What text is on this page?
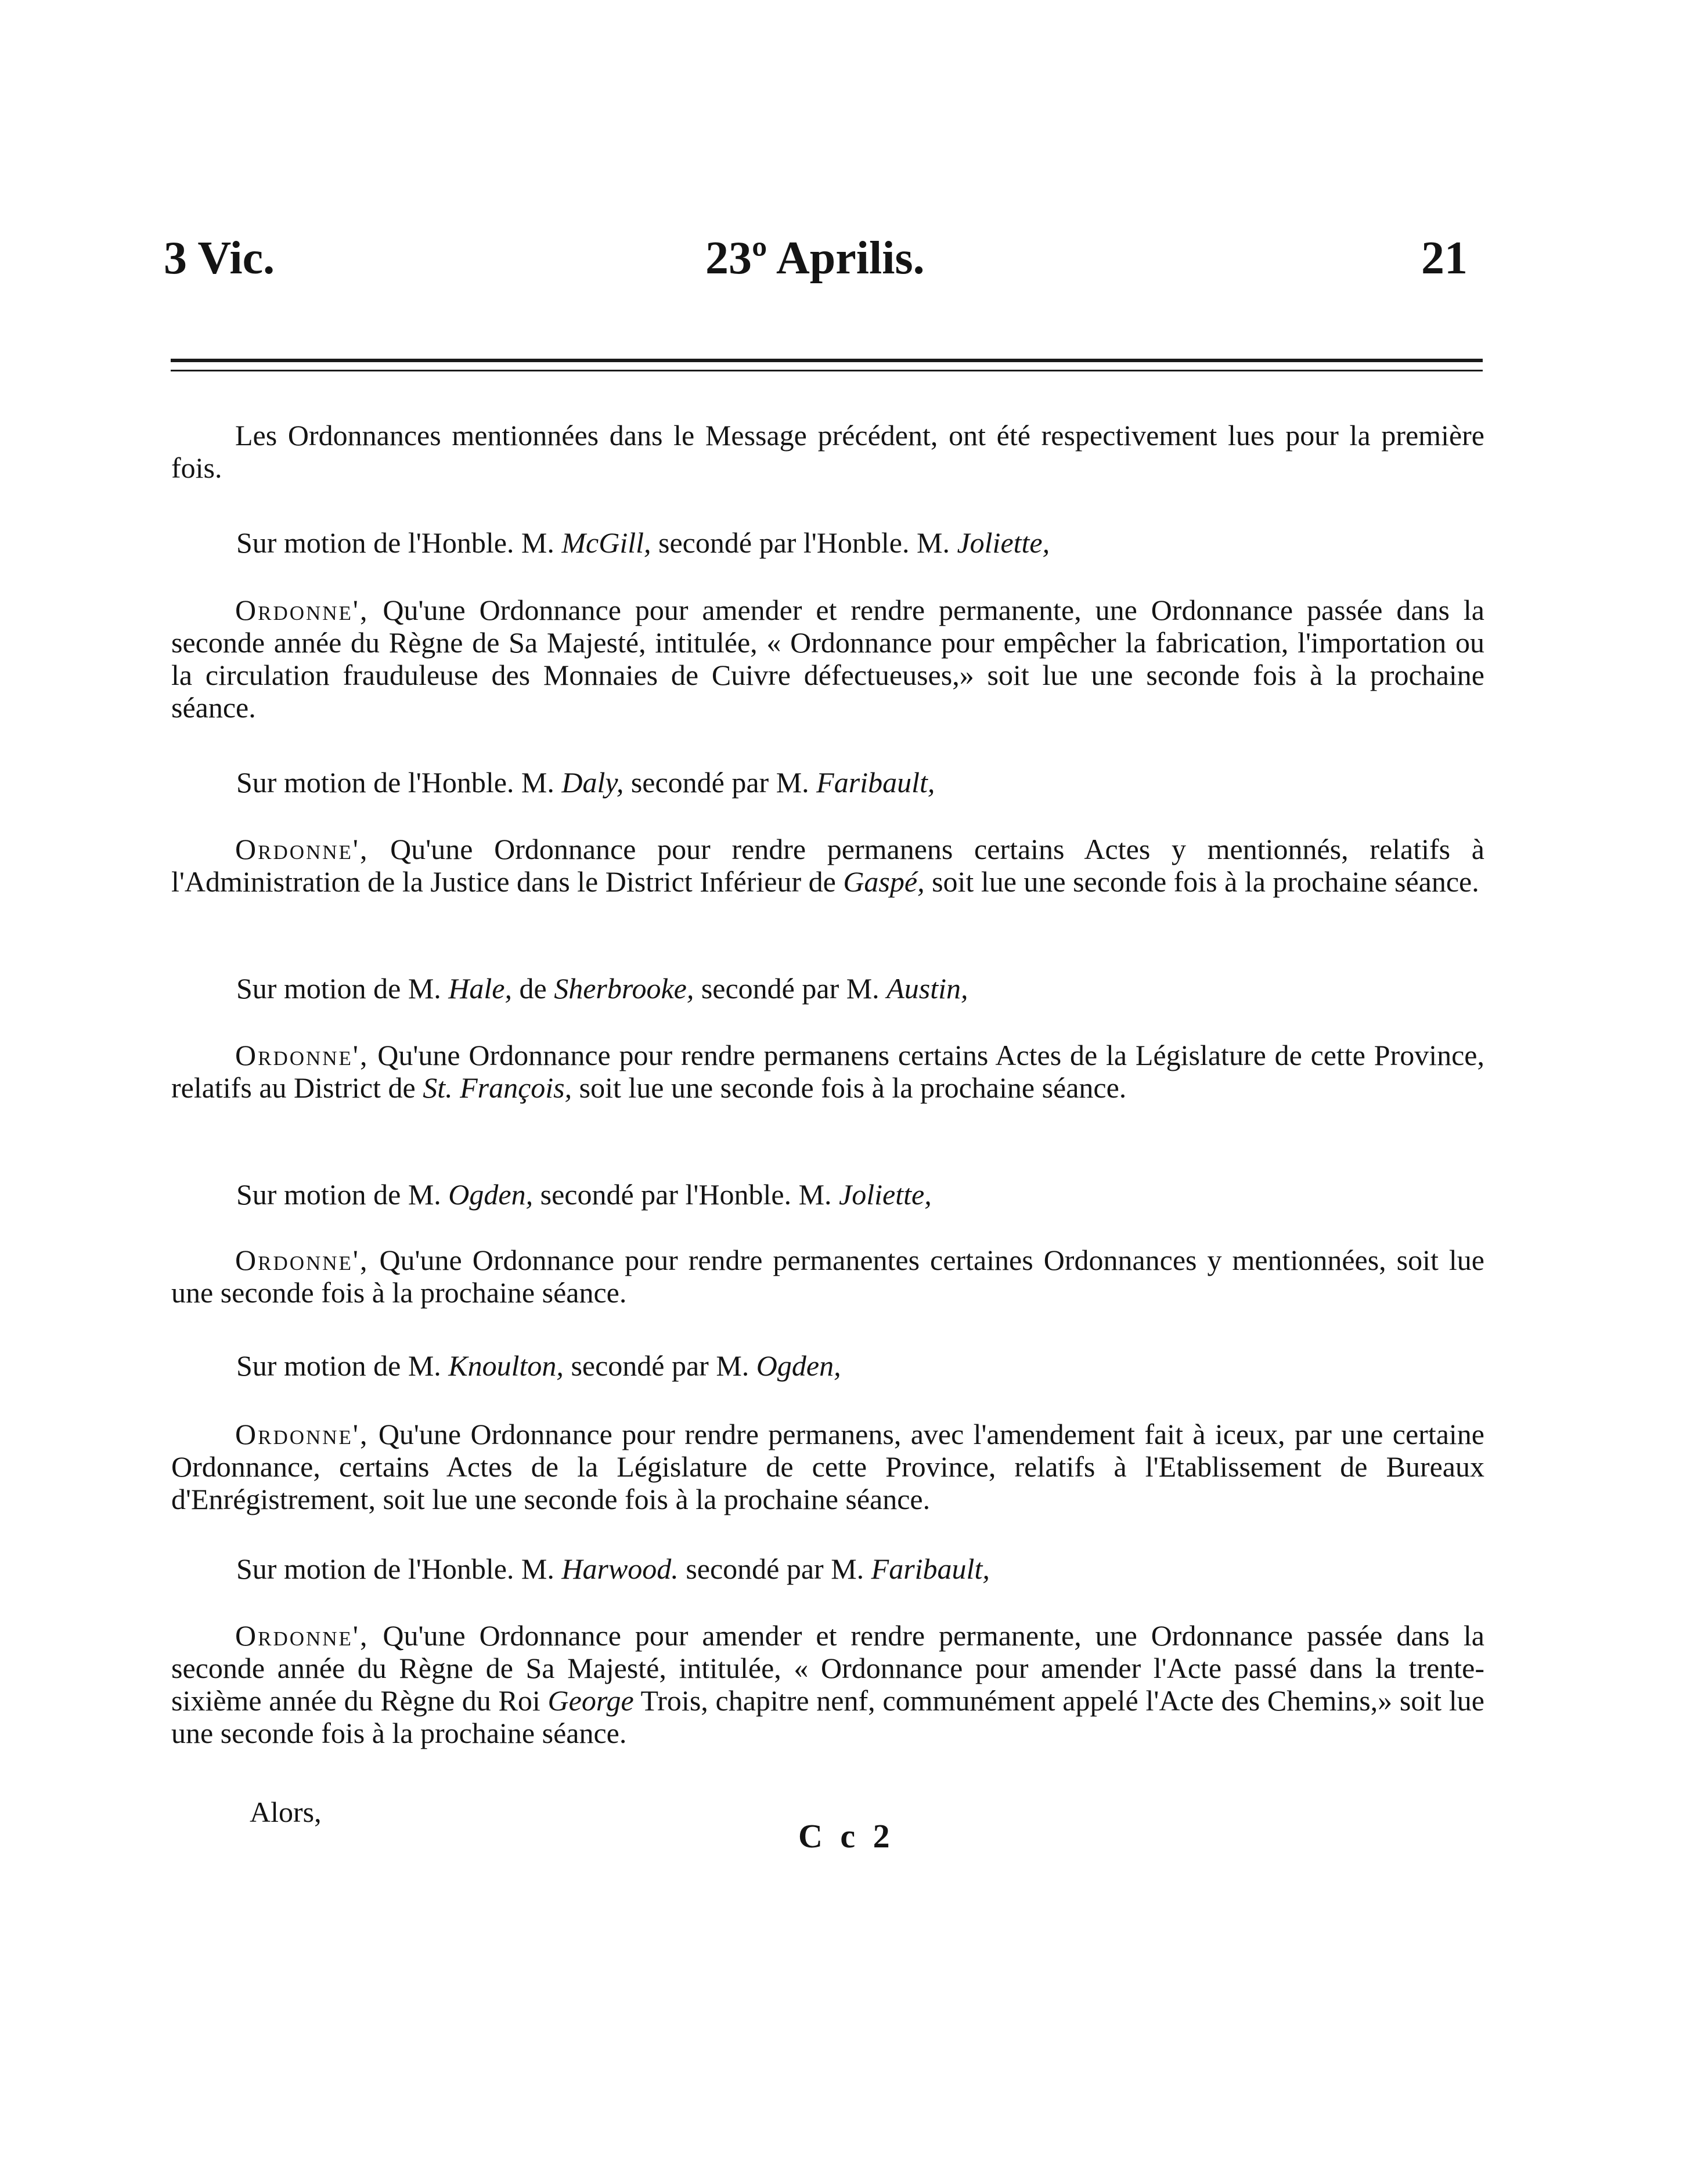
3 Vic.	23º Aprilis.	21

Les Ordonnances mentionnées dans le Message précédent, ont été respectivement lues pour la première fois.

Sur motion de l'Honble. M. McGill, secondé par l'Honble. M. Joliette,

Ordonne', Qu'une Ordonnance pour amender et rendre permanente, une Ordonnance passée dans la seconde année du Règne de Sa Majesté, intitulée, « Ordonnance pour empêcher la fabrication, l'importation ou la circulation frauduleuse des Monnaies de Cuivre défectueuses,» soit lue une seconde fois à la prochaine séance.

Sur motion de l'Honble. M. Daly, secondé par M. Faribault,

Ordonne', Qu'une Ordonnance pour rendre permanens certains Actes y mentionnés, relatifs à l'Administration de la Justice dans le District Inférieur de Gaspé, soit lue une seconde fois à la prochaine séance.

Sur motion de M. Hale, de Sherbrooke, secondé par M. Austin,

Ordonne', Qu'une Ordonnance pour rendre permanens certains Actes de la Législature de cette Province, relatifs au District de St. François, soit lue une seconde fois à la prochaine séance.

Sur motion de M. Ogden, secondé par l'Honble. M. Joliette,

Ordonne', Qu'une Ordonnance pour rendre permanentes certaines Ordonnances y mentionnées, soit lue une seconde fois à la prochaine séance.

Sur motion de M. Knoulton, secondé par M. Ogden,

Ordonne', Qu'une Ordonnance pour rendre permanens, avec l'amendement fait à iceux, par une certaine Ordonnance, certains Actes de la Législature de cette Province, relatifs à l'Etablissement de Bureaux d'Enrégistrement, soit lue une seconde fois à la prochaine séance.

Sur motion de l'Honble. M. Harwood. secondé par M. Faribault,

Ordonne', Qu'une Ordonnance pour amender et rendre permanente, une Ordonnance passée dans la seconde année du Règne de Sa Majesté, intitulée, « Ordonnance pour amender l'Acte passé dans la trente-sixième année du Règne du Roi George Trois, chapitre nenf, communément appelé l'Acte des Chemins,» soit lue une seconde fois à la prochaine séance.

Alors,
C c 2
